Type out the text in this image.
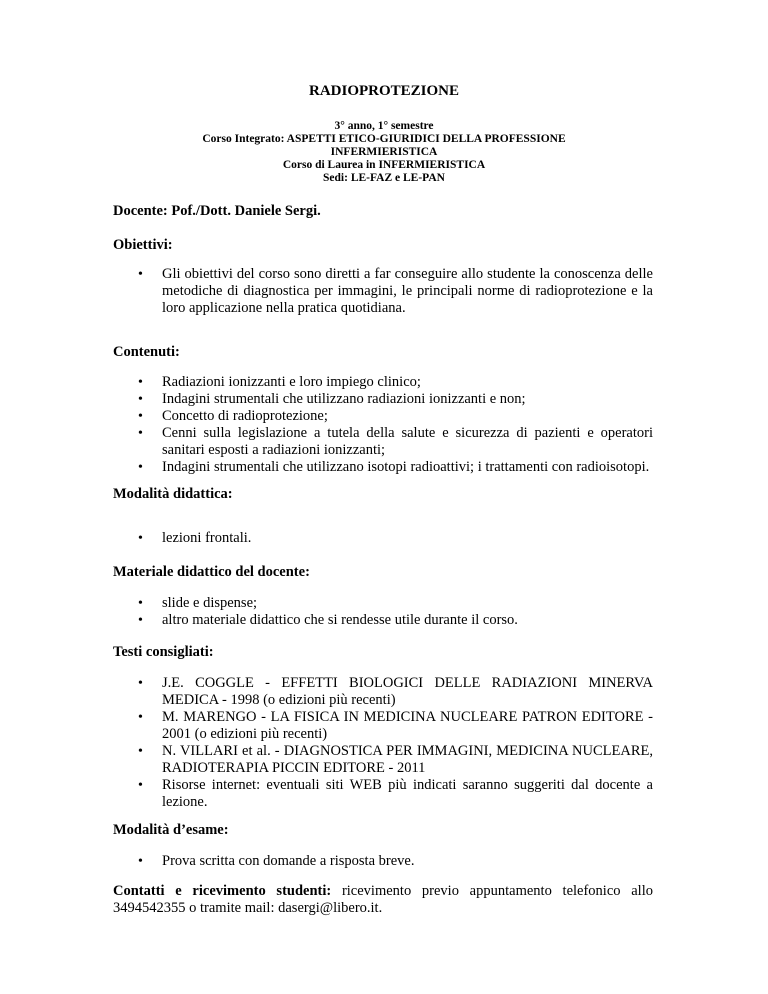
RADIOPROTEZIONE
3° anno, 1° semestre
Corso Integrato: ASPETTI ETICO-GIURIDICI DELLA PROFESSIONE
INFERMIERISTICA
Corso di Laurea in INFERMIERISTICA
Sedi: LE-FAZ e LE-PAN
Docente: Pof./Dott. Daniele Sergi.
Obiettivi:
• Gli obiettivi del corso sono diretti a far conseguire allo studente la conoscenza delle metodiche di diagnostica per immagini, le principali norme di radioprotezione e la loro applicazione nella pratica quotidiana.
Contenuti:
• Radiazioni ionizzanti e loro impiego clinico;
• Indagini strumentali che utilizzano radiazioni ionizzanti e non;
• Concetto di radioprotezione;
• Cenni sulla legislazione a tutela della salute e sicurezza di pazienti e operatori sanitari esposti a radiazioni ionizzanti;
• Indagini strumentali che utilizzano isotopi radioattivi; i trattamenti con radioisotopi.
Modalità didattica:
• lezioni frontali.
Materiale didattico del docente:
• slide e dispense;
• altro materiale didattico che si rendesse utile durante il corso.
Testi consigliati:
• J.E. COGGLE - EFFETTI BIOLOGICI DELLE RADIAZIONI MINERVA MEDICA - 1998 (o edizioni più recenti)
• M. MARENGO - LA FISICA IN MEDICINA NUCLEARE PATRON EDITORE - 2001 (o edizioni più recenti)
• N. VILLARI et al. - DIAGNOSTICA PER IMMAGINI, MEDICINA NUCLEARE, RADIOTERAPIA PICCIN EDITORE - 2011
• Risorse internet: eventuali siti WEB più indicati saranno suggeriti dal docente a lezione.
Modalità d’esame:
• Prova scritta con domande a risposta breve.
Contatti e ricevimento studenti: ricevimento previo appuntamento telefonico allo 3494542355 o tramite mail: dasergi@libero.it.
